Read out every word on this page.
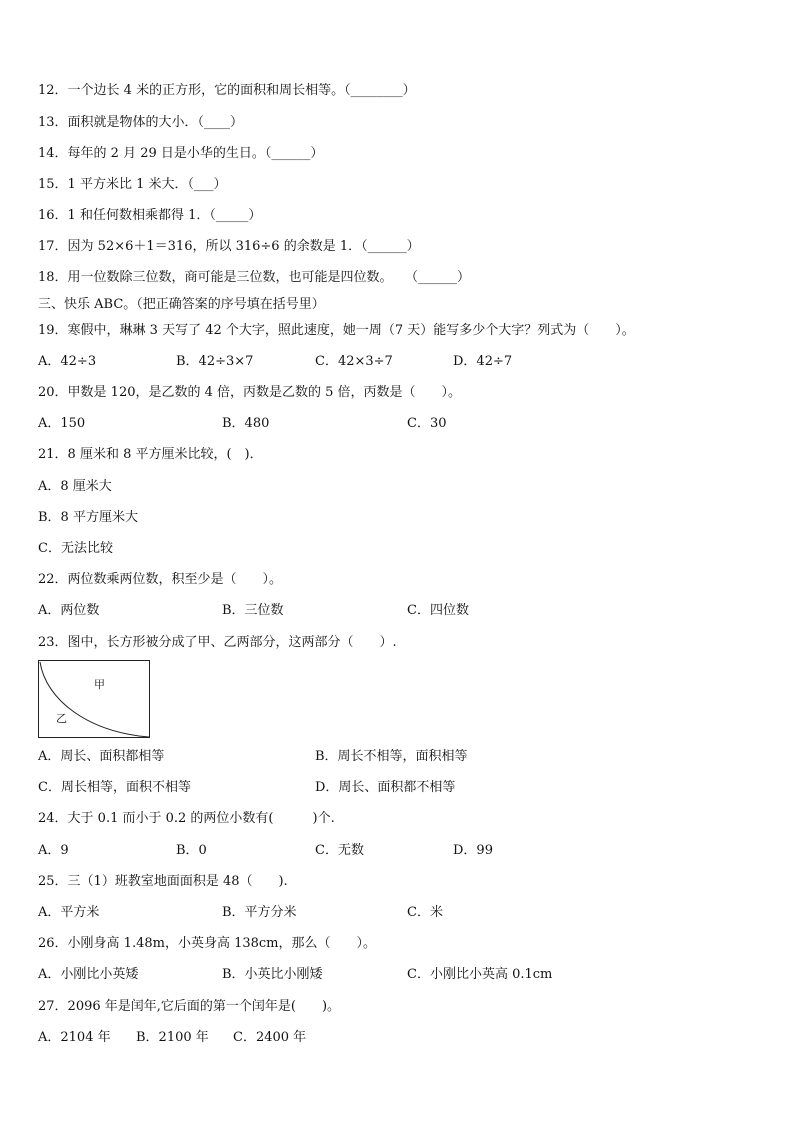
12．一个边长 4 米的正方形，它的面积和周长相等。（________）
13．面积就是物体的大小．（____）
14．每年的 2 月 29 日是小华的生日。（______）
15．1 平方米比 1 米大．（___）
16．1 和任何数相乘都得 1．（_____）
17．因为 52×6＋1＝316，所以 316÷6 的余数是 1．（______）
18．用一位数除三位数，商可能是三位数，也可能是四位数。   （______）
三、快乐 ABC。（把正确答案的序号填在括号里）
19．寒假中，琳琳 3 天写了 42 个大字，照此速度，她一周（7 天）能写多少个大字？列式为（　　）。
A．42÷3	B．42÷3×7	C．42×3÷7	D．42÷7
20．甲数是 120，是乙数的 4 倍，丙数是乙数的 5 倍，丙数是（　　）。
A．150	B．480	C．30
21．8 厘米和 8 平方厘米比较，(　)．
A．8 厘米大
B．8 平方厘米大
C．无法比较
22．两位数乘两位数，积至少是（　　）。
A．两位数	B．三位数	C．四位数
23．图中，长方形被分成了甲、乙两部分，这两部分（　　）.
甲
乙
A．周长、面积都相等	B．周长不相等，面积相等
C．周长相等，面积不相等	D．周长、面积都不相等
24．大于 0.1 而小于 0.2 的两位小数有(　　　)个.
A．9	B．0	C．无数	D．99
25．三（1）班教室地面面积是 48（　　).
A．平方米	B．平方分米	C．米
26．小刚身高 1.48m，小英身高 138cm，那么（　　）。
A．小刚比小英矮	B．小英比小刚矮	C．小刚比小英高 0.1cm
27．2096 年是闰年,它后面的第一个闰年是(　　)。
A．2104 年 B．2100 年 C．2400 年
